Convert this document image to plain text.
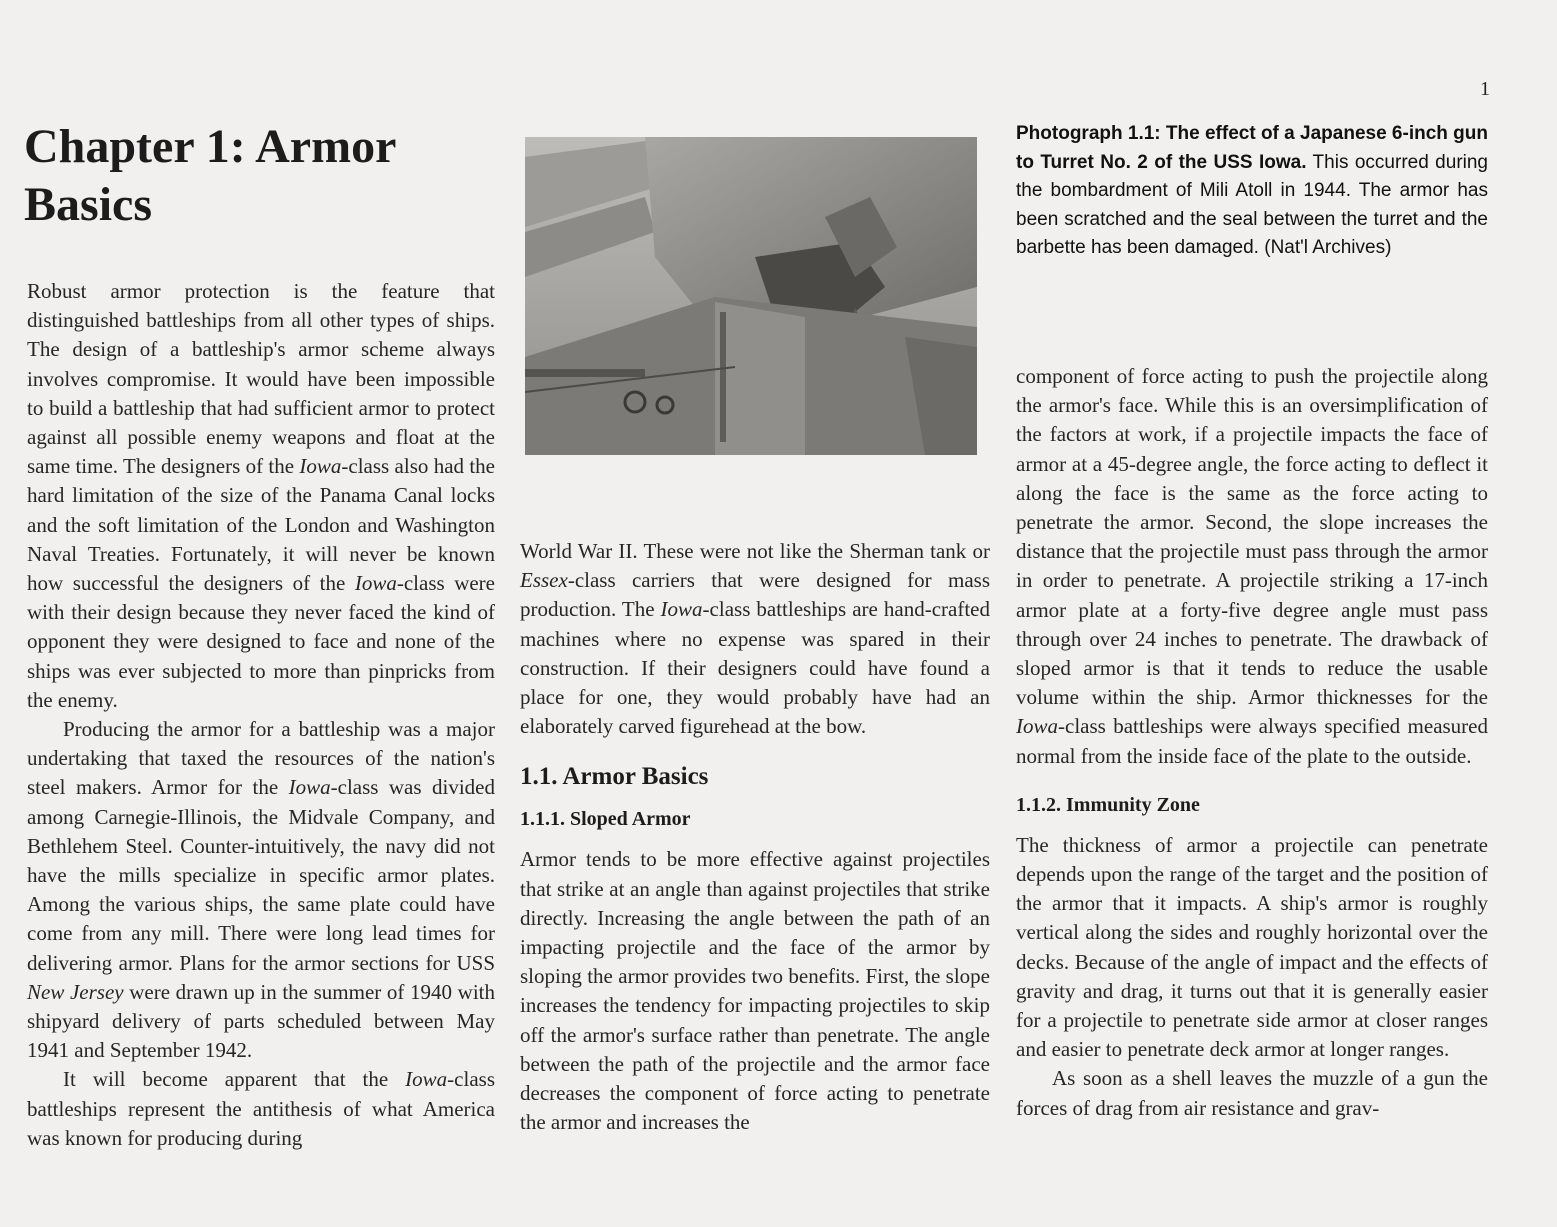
1
Chapter 1: Armor Basics
Photograph 1.1: The effect of a Japanese 6-inch gun to Turret No. 2 of the USS Iowa. This occurred during the bombardment of Mili Atoll in 1944. The armor has been scratched and the seal between the turret and the barbette has been damaged. (Nat'l Archives)

Robust armor protection is the feature that distinguished battleships from all other types of ships. The design of a battleship's armor scheme always involves compromise. It would have been impossible to build a battleship that had sufficient armor to protect against all possible enemy weapons and float at the same time. The designers of the Iowa-class also had the hard limitation of the size of the Panama Canal locks and the soft limitation of the London and Washington Naval Treaties. Fortunately, it will never be known how successful the designers of the Iowa-class were with their design because they never faced the kind of opponent they were designed to face and none of the ships was ever subjected to more than pinpricks from the enemy.

Producing the armor for a battleship was a major undertaking that taxed the resources of the nation's steel makers. Armor for the Iowa-class was divided among Carnegie-Illinois, the Midvale Company, and Bethlehem Steel. Counter-intuitively, the navy did not have the mills specialize in specific armor plates. Among the various ships, the same plate could have come from any mill. There were long lead times for delivering armor. Plans for the armor sections for USS New Jersey were drawn up in the summer of 1940 with shipyard delivery of parts scheduled between May 1941 and September 1942.

It will become apparent that the Iowa-class battleships represent the antithesis of what America was known for producing during

World War II. These were not like the Sherman tank or Essex-class carriers that were designed for mass production. The Iowa-class battleships are hand-crafted machines where no expense was spared in their construction. If their designers could have found a place for one, they would probably have had an elaborately carved figurehead at the bow.

1.1. Armor Basics
1.1.1. Sloped Armor

Armor tends to be more effective against projectiles that strike at an angle than against projectiles that strike directly. Increasing the angle between the path of an impacting projectile and the face of the armor by sloping the armor provides two benefits. First, the slope increases the tendency for impacting projectiles to skip off the armor's surface rather than penetrate. The angle between the path of the projectile and the armor face decreases the component of force acting to penetrate the armor and increases the

component of force acting to push the projectile along the armor's face. While this is an oversimplification of the factors at work, if a projectile impacts the face of armor at a 45-degree angle, the force acting to deflect it along the face is the same as the force acting to penetrate the armor. Second, the slope increases the distance that the projectile must pass through the armor in order to penetrate. A projectile striking a 17-inch armor plate at a forty-five degree angle must pass through over 24 inches to penetrate. The drawback of sloped armor is that it tends to reduce the usable volume within the ship. Armor thicknesses for the Iowa-class battleships were always specified measured normal from the inside face of the plate to the outside.

1.1.2. Immunity Zone

The thickness of armor a projectile can penetrate depends upon the range of the target and the position of the armor that it impacts. A ship's armor is roughly vertical along the sides and roughly horizontal over the decks. Because of the angle of impact and the effects of gravity and drag, it turns out that it is generally easier for a projectile to penetrate side armor at closer ranges and easier to penetrate deck armor at longer ranges.

As soon as a shell leaves the muzzle of a gun the forces of drag from air resistance and grav-
